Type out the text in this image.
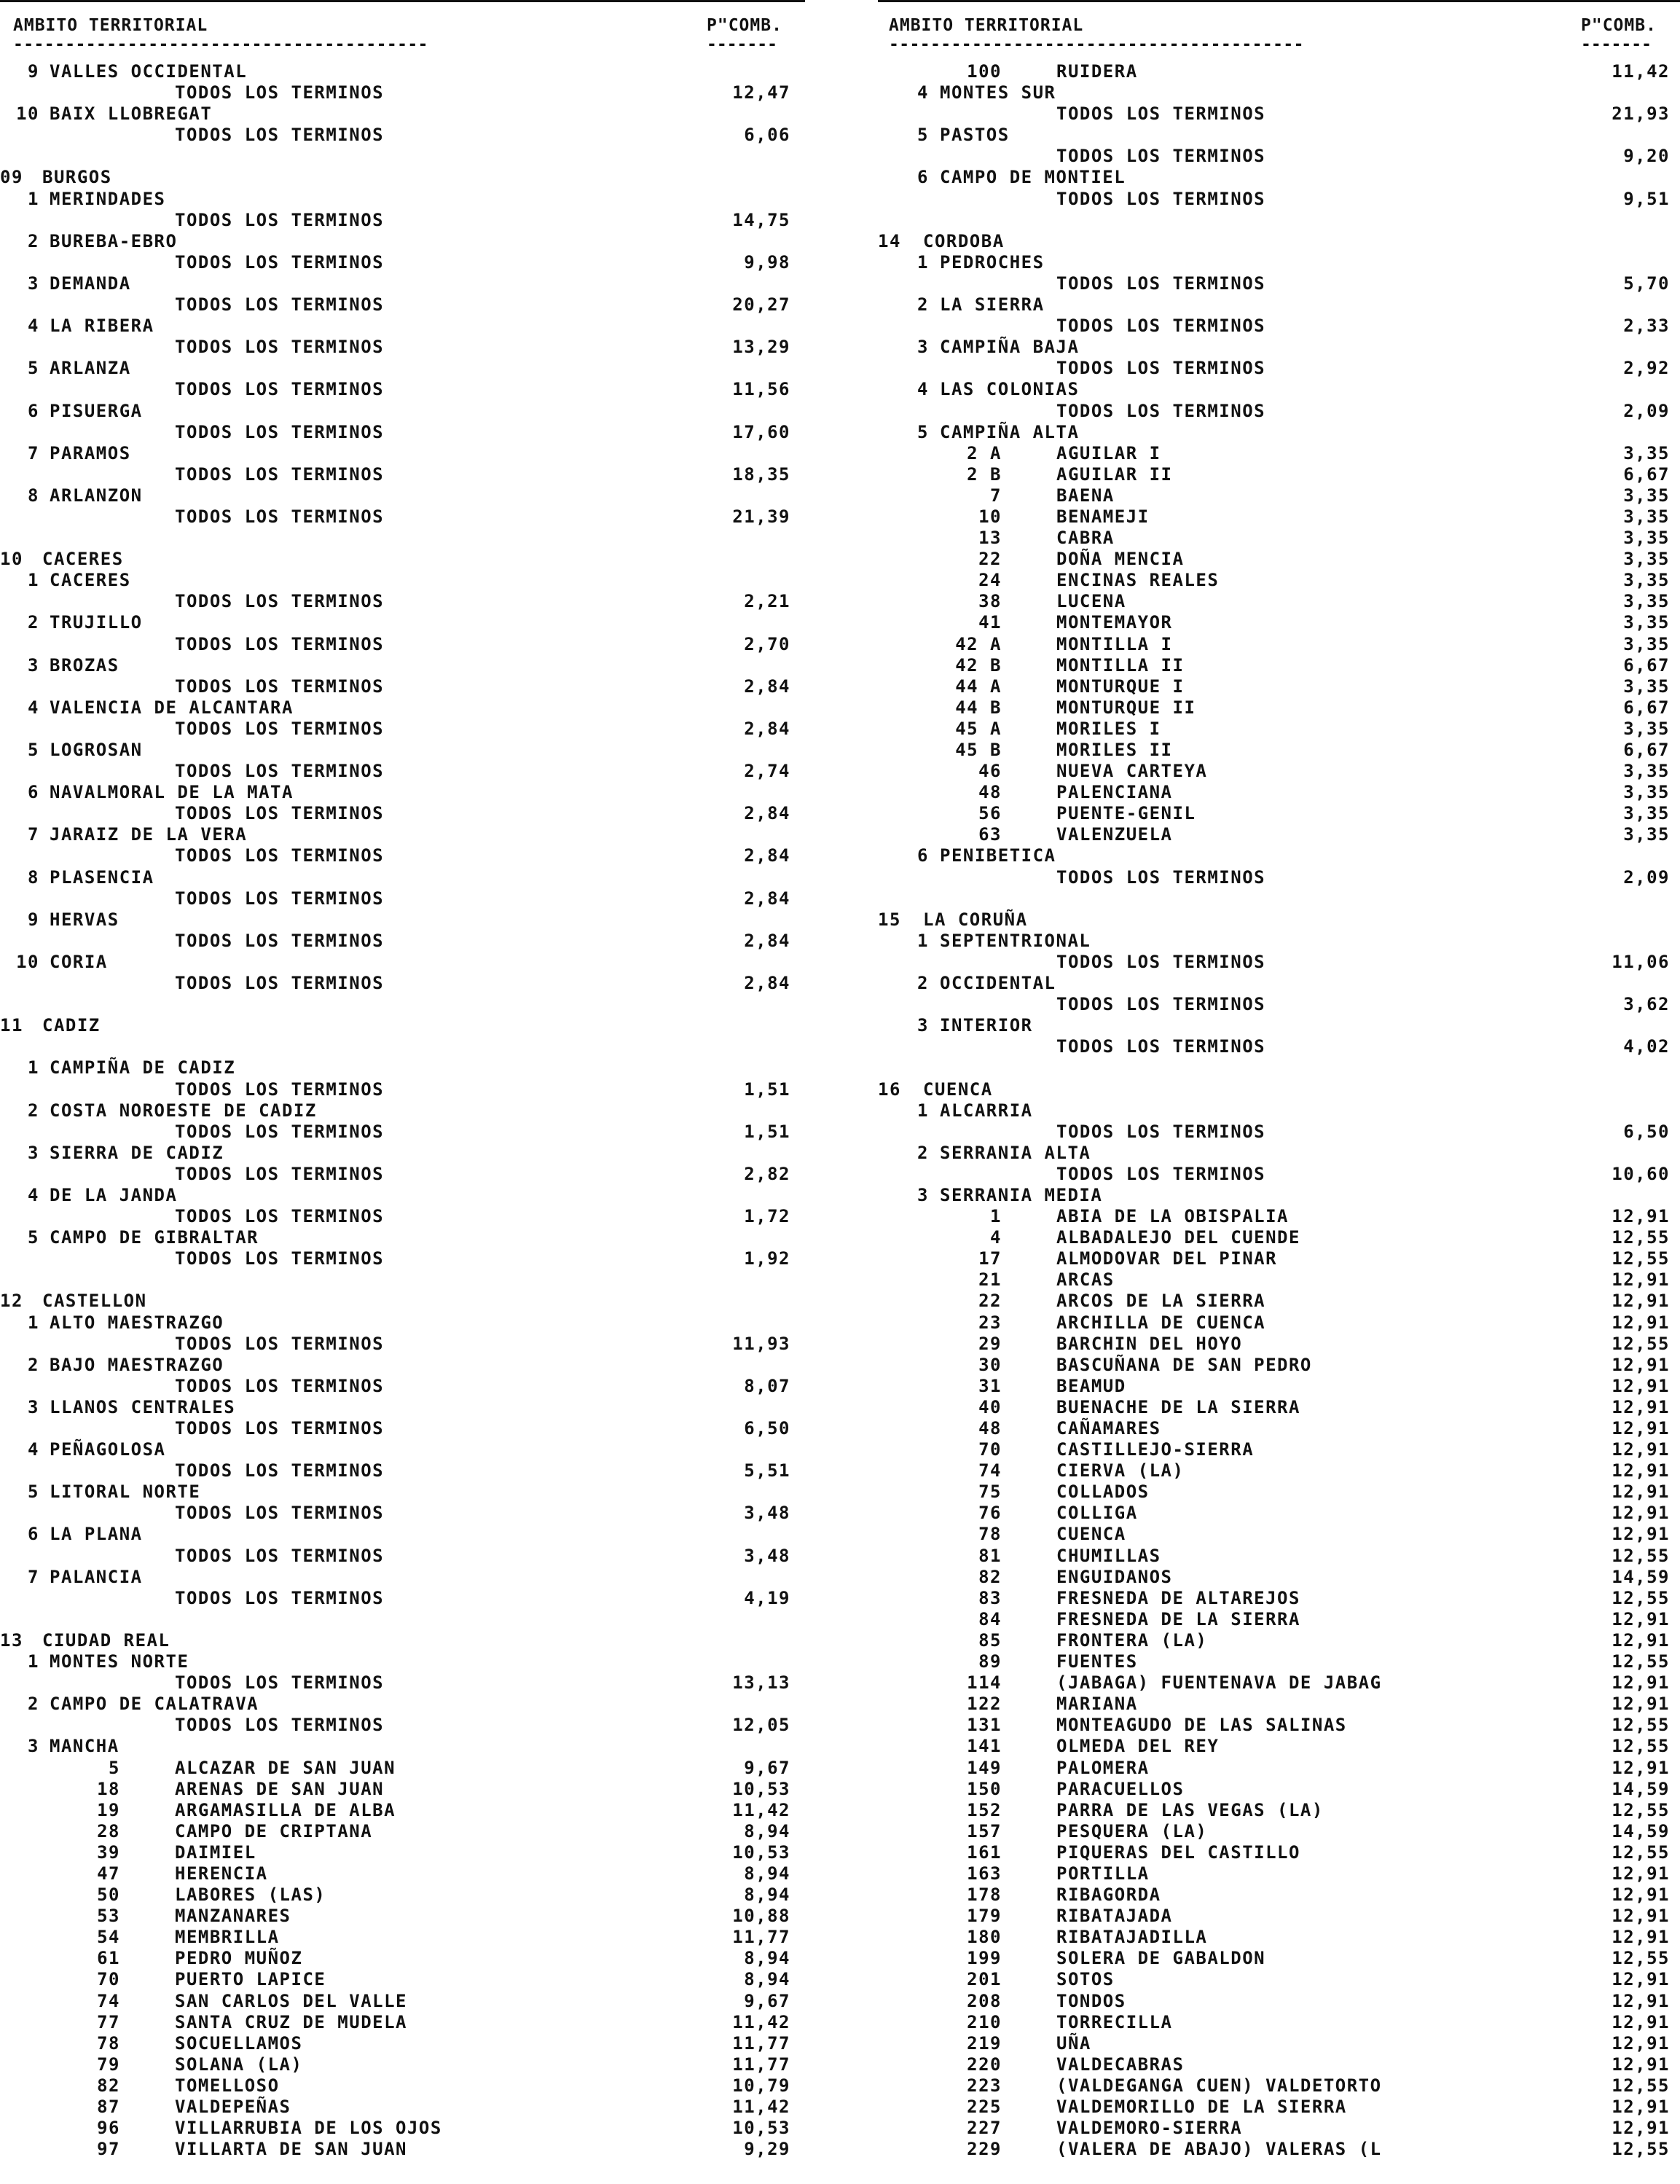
AMBITO TERRITORIAL	P"COMB.
----------------------------------------	-------
9 VALLES OCCIDENTAL
TODOS LOS TERMINOS	12,47
10 BAIX LLOBREGAT
TODOS LOS TERMINOS	6,06
09 BURGOS
1 MERINDADES
TODOS LOS TERMINOS	14,75
2 BUREBA-EBRO
TODOS LOS TERMINOS	9,98
3 DEMANDA
TODOS LOS TERMINOS	20,27
4 LA RIBERA
TODOS LOS TERMINOS	13,29
5 ARLANZA
TODOS LOS TERMINOS	11,56
6 PISUERGA
TODOS LOS TERMINOS	17,60
7 PARAMOS
TODOS LOS TERMINOS	18,35
8 ARLANZON
TODOS LOS TERMINOS	21,39
10 CACERES
1 CACERES
TODOS LOS TERMINOS	2,21
2 TRUJILLO
TODOS LOS TERMINOS	2,70
3 BROZAS
TODOS LOS TERMINOS	2,84
4 VALENCIA DE ALCANTARA
TODOS LOS TERMINOS	2,84
5 LOGROSAN
TODOS LOS TERMINOS	2,74
6 NAVALMORAL DE LA MATA
TODOS LOS TERMINOS	2,84
7 JARAIZ DE LA VERA
TODOS LOS TERMINOS	2,84
8 PLASENCIA
TODOS LOS TERMINOS	2,84
9 HERVAS
TODOS LOS TERMINOS	2,84
10 CORIA
TODOS LOS TERMINOS	2,84
11 CADIZ
1 CAMPIÑA DE CADIZ
TODOS LOS TERMINOS	1,51
2 COSTA NOROESTE DE CADIZ
TODOS LOS TERMINOS	1,51
3 SIERRA DE CADIZ
TODOS LOS TERMINOS	2,82
4 DE LA JANDA
TODOS LOS TERMINOS	1,72
5 CAMPO DE GIBRALTAR
TODOS LOS TERMINOS	1,92
12 CASTELLON
1 ALTO MAESTRAZGO
TODOS LOS TERMINOS	11,93
2 BAJO MAESTRAZGO
TODOS LOS TERMINOS	8,07
3 LLANOS CENTRALES
TODOS LOS TERMINOS	6,50
4 PEÑAGOLOSA
TODOS LOS TERMINOS	5,51
5 LITORAL NORTE
TODOS LOS TERMINOS	3,48
6 LA PLANA
TODOS LOS TERMINOS	3,48
7 PALANCIA
TODOS LOS TERMINOS	4,19
13 CIUDAD REAL
1 MONTES NORTE
TODOS LOS TERMINOS	13,13
2 CAMPO DE CALATRAVA
TODOS LOS TERMINOS	12,05
3 MANCHA
5	ALCAZAR DE SAN JUAN	9,67
18	ARENAS DE SAN JUAN	10,53
19	ARGAMASILLA DE ALBA	11,42
28	CAMPO DE CRIPTANA	8,94
39	DAIMIEL	10,53
47	HERENCIA	8,94
50	LABORES (LAS)	8,94
53	MANZANARES	10,88
54	MEMBRILLA	11,77
61	PEDRO MUÑOZ	8,94
70	PUERTO LAPICE	8,94
74	SAN CARLOS DEL VALLE	9,67
77	SANTA CRUZ DE MUDELA	11,42
78	SOCUELLAMOS	11,77
79	SOLANA (LA)	11,77
82	TOMELLOSO	10,79
87	VALDEPEÑAS	11,42
96	VILLARRUBIA DE LOS OJOS	10,53
97	VILLARTA DE SAN JUAN	9,29
AMBITO TERRITORIAL	P"COMB.
----------------------------------------	-------
100	RUIDERA	11,42
4 MONTES SUR
TODOS LOS TERMINOS	21,93
5 PASTOS
TODOS LOS TERMINOS	9,20
6 CAMPO DE MONTIEL
TODOS LOS TERMINOS	9,51
14 CORDOBA
1 PEDROCHES
TODOS LOS TERMINOS	5,70
2 LA SIERRA
TODOS LOS TERMINOS	2,33
3 CAMPIÑA BAJA
TODOS LOS TERMINOS	2,92
4 LAS COLONIAS
TODOS LOS TERMINOS	2,09
5 CAMPIÑA ALTA
2 A	AGUILAR I	3,35
2 B	AGUILAR II	6,67
7	BAENA	3,35
10	BENAMEJI	3,35
13	CABRA	3,35
22	DOÑA MENCIA	3,35
24	ENCINAS REALES	3,35
38	LUCENA	3,35
41	MONTEMAYOR	3,35
42 A	MONTILLA I	3,35
42 B	MONTILLA II	6,67
44 A	MONTURQUE I	3,35
44 B	MONTURQUE II	6,67
45 A	MORILES I	3,35
45 B	MORILES II	6,67
46	NUEVA CARTEYA	3,35
48	PALENCIANA	3,35
56	PUENTE-GENIL	3,35
63	VALENZUELA	3,35
6 PENIBETICA
TODOS LOS TERMINOS	2,09
15 LA CORUÑA
1 SEPTENTRIONAL
TODOS LOS TERMINOS	11,06
2 OCCIDENTAL
TODOS LOS TERMINOS	3,62
3 INTERIOR
TODOS LOS TERMINOS	4,02
16 CUENCA
1 ALCARRIA
TODOS LOS TERMINOS	6,50
2 SERRANIA ALTA
TODOS LOS TERMINOS	10,60
3 SERRANIA MEDIA
1	ABIA DE LA OBISPALIA	12,91
4	ALBADALEJO DEL CUENDE	12,55
17	ALMODOVAR DEL PINAR	12,55
21	ARCAS	12,91
22	ARCOS DE LA SIERRA	12,91
23	ARCHILLA DE CUENCA	12,91
29	BARCHIN DEL HOYO	12,55
30	BASCUÑANA DE SAN PEDRO	12,91
31	BEAMUD	12,91
40	BUENACHE DE LA SIERRA	12,91
48	CAÑAMARES	12,91
70	CASTILLEJO-SIERRA	12,91
74	CIERVA (LA)	12,91
75	COLLADOS	12,91
76	COLLIGA	12,91
78	CUENCA	12,91
81	CHUMILLAS	12,55
82	ENGUIDANOS	14,59
83	FRESNEDA DE ALTAREJOS	12,55
84	FRESNEDA DE LA SIERRA	12,91
85	FRONTERA (LA)	12,91
89	FUENTES	12,55
114	(JABAGA) FUENTENAVA DE JABAG	12,91
122	MARIANA	12,91
131	MONTEAGUDO DE LAS SALINAS	12,55
141	OLMEDA DEL REY	12,55
149	PALOMERA	12,91
150	PARACUELLOS	14,59
152	PARRA DE LAS VEGAS (LA)	12,55
157	PESQUERA (LA)	14,59
161	PIQUERAS DEL CASTILLO	12,55
163	PORTILLA	12,91
178	RIBAGORDA	12,91
179	RIBATAJADA	12,91
180	RIBATAJADILLA	12,91
199	SOLERA DE GABALDON	12,55
201	SOTOS	12,91
208	TONDOS	12,91
210	TORRECILLA	12,91
219	UÑA	12,91
220	VALDECABRAS	12,91
223	(VALDEGANGA CUEN) VALDETORTO	12,55
225	VALDEMORILLO DE LA SIERRA	12,91
227	VALDEMORO-SIERRA	12,91
229	(VALERA DE ABAJO) VALERAS (L	12,55
